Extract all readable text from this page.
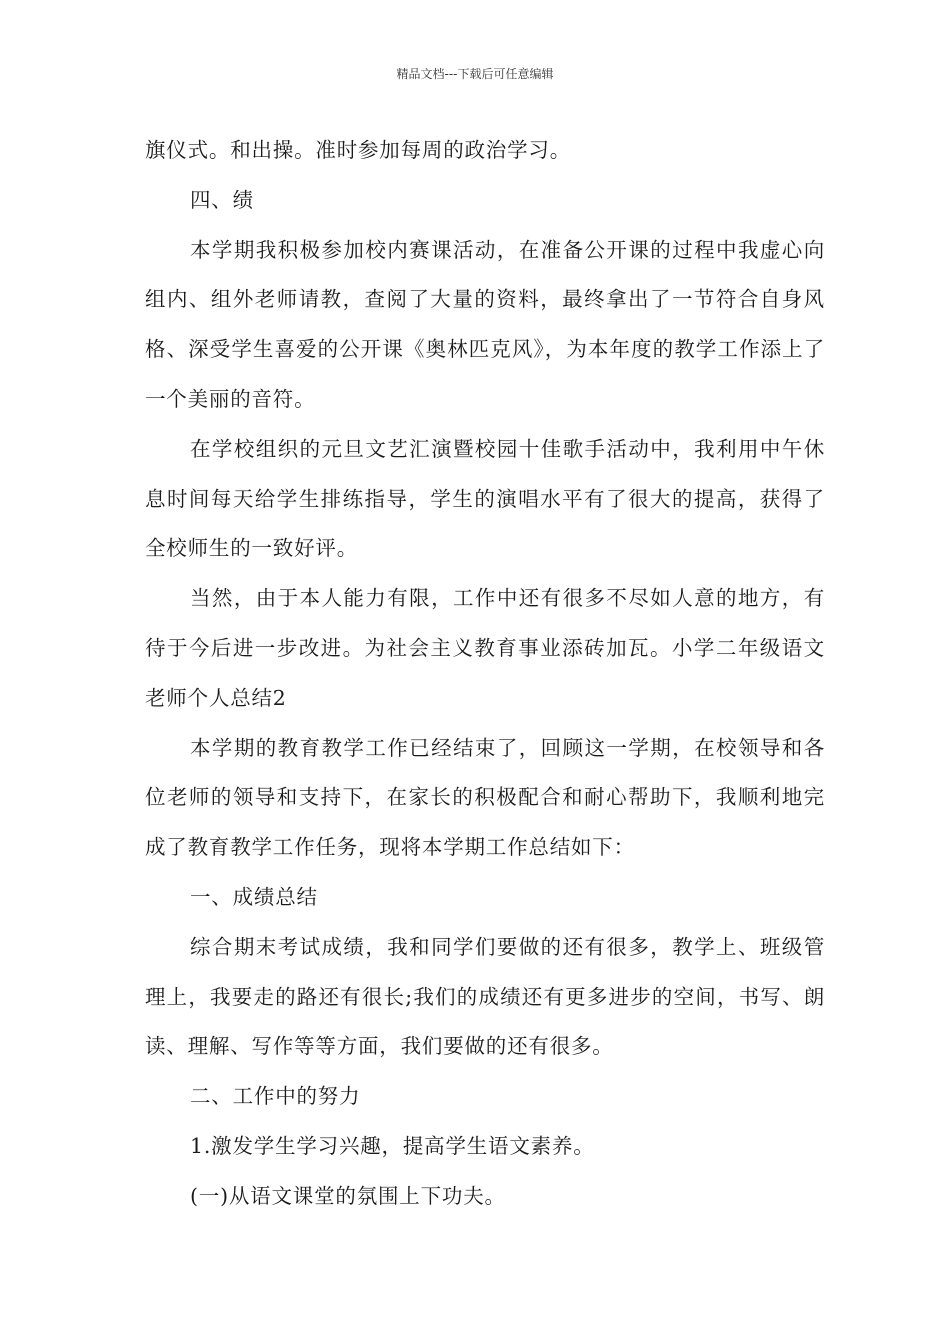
精品文档---下载后可任意编辑

旗仪式。和出操。准时参加每周的政治学习。

四、绩

本学期我积极参加校内赛课活动，在准备公开课的过程中我虚心向组内、组外老师请教，查阅了大量的资料，最终拿出了一节符合自身风格、深受学生喜爱的公开课《奥林匹克风》，为本年度的教学工作添上了一个美丽的音符。

在学校组织的元旦文艺汇演暨校园十佳歌手活动中，我利用中午休息时间每天给学生排练指导，学生的演唱水平有了很大的提高，获得了全校师生的一致好评。

当然，由于本人能力有限，工作中还有很多不尽如人意的地方，有待于今后进一步改进。为社会主义教育事业添砖加瓦。小学二年级语文老师个人总结2

本学期的教育教学工作已经结束了，回顾这一学期，在校领导和各位老师的领导和支持下，在家长的积极配合和耐心帮助下，我顺利地完成了教育教学工作任务，现将本学期工作总结如下：

一、成绩总结

综合期末考试成绩，我和同学们要做的还有很多，教学上、班级管理上，我要走的路还有很长;我们的成绩还有更多进步的空间，书写、朗读、理解、写作等等方面，我们要做的还有很多。

二、工作中的努力

1.激发学生学习兴趣，提高学生语文素养。

(一)从语文课堂的氛围上下功夫。
